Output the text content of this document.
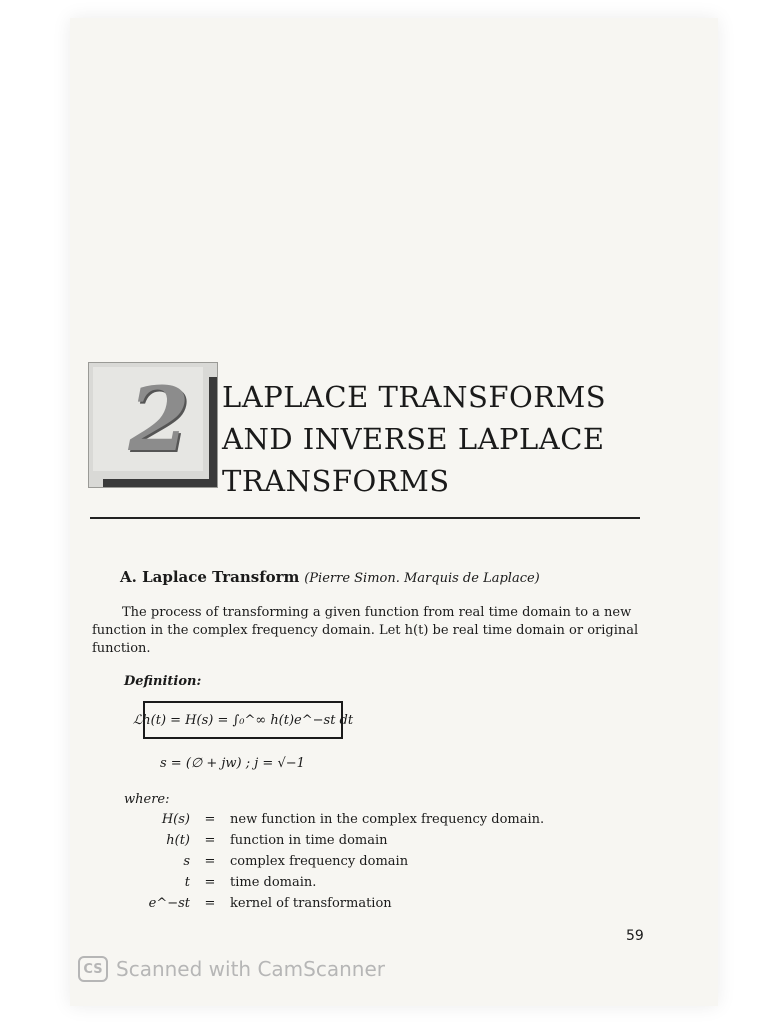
2	LAPLACE TRANSFORMS
AND INVERSE LAPLACE
TRANSFORMS
A. Laplace Transform (Pierre Simon. Marquis de Laplace)
The process of transforming a given function from real time domain to a new function in the complex frequency domain. Let h(t) be real time domain or original function.
Definition:
ℒh(t) = H(s) = ∫₀^∞ h(t)e^−st dt
s = (∅ + jw) ; j = √−1
where:
H(s)	=	new function in the complex frequency domain.
h(t)	=	function in time domain
s	=	complex frequency domain
t	=	time domain.
e^−st	=	kernel of transformation
59
CS Scanned with CamScanner
